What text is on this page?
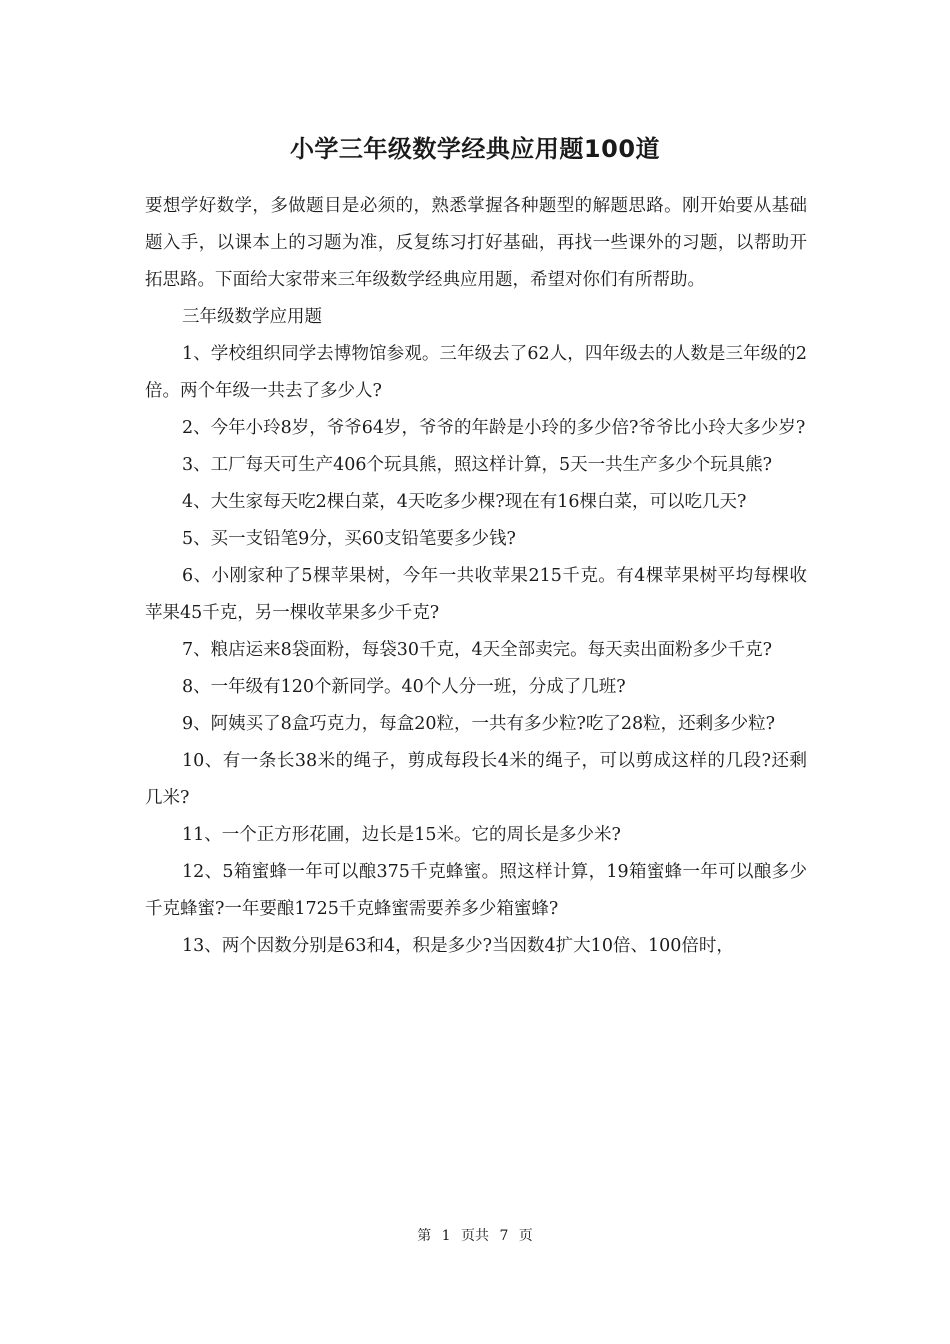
小学三年级数学经典应用题100道

要想学好数学，多做题目是必须的，熟悉掌握各种题型的解题思路。刚开始要从基础题入手，以课本上的习题为准，反复练习打好基础，再找一些课外的习题，以帮助开拓思路。下面给大家带来三年级数学经典应用题，希望对你们有所帮助。

三年级数学应用题

1、学校组织同学去博物馆参观。三年级去了62人，四年级去的人数是三年级的2倍。两个年级一共去了多少人?

2、今年小玲8岁，爷爷64岁，爷爷的年龄是小玲的多少倍?爷爷比小玲大多少岁?

3、工厂每天可生产406个玩具熊，照这样计算，5天一共生产多少个玩具熊?

4、大生家每天吃2棵白菜，4天吃多少棵?现在有16棵白菜，可以吃几天?

5、买一支铅笔9分，买60支铅笔要多少钱?

6、小刚家种了5棵苹果树，今年一共收苹果215千克。有4棵苹果树平均每棵收苹果45千克，另一棵收苹果多少千克?

7、粮店运来8袋面粉，每袋30千克，4天全部卖完。每天卖出面粉多少千克?

8、一年级有120个新同学。40个人分一班，分成了几班?

9、阿姨买了8盒巧克力，每盒20粒，一共有多少粒?吃了28粒，还剩多少粒?

10、有一条长38米的绳子，剪成每段长4米的绳子，可以剪成这样的几段?还剩几米?

11、一个正方形花圃，边长是15米。它的周长是多少米?

12、5箱蜜蜂一年可以酿375千克蜂蜜。照这样计算，19箱蜜蜂一年可以酿多少千克蜂蜜?一年要酿1725千克蜂蜜需要养多少箱蜜蜂?

13、两个因数分别是63和4，积是多少?当因数4扩大10倍、100倍时，

第 1 页共 7 页
